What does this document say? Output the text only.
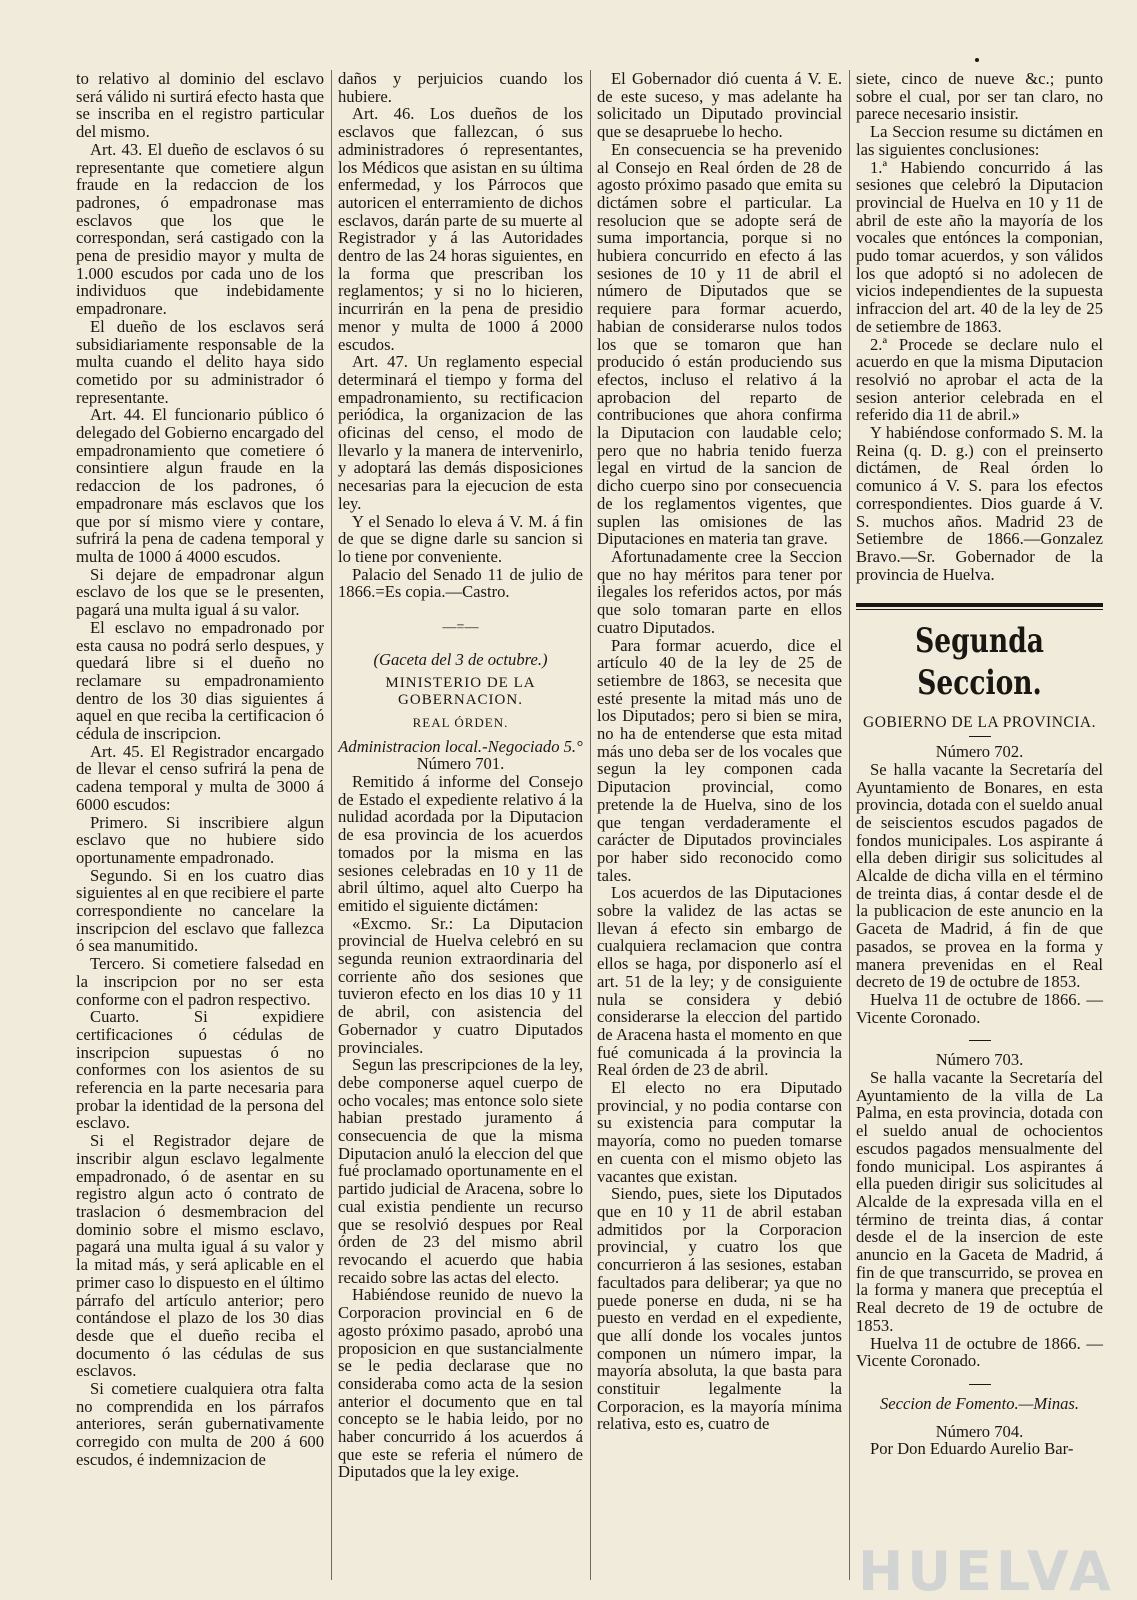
to relativo al dominio del esclavo será válido ni surtirá efecto hasta que se inscriba en el registro particular del mismo.

Art. 43. El dueño de esclavos ó su representante que cometiere algun fraude en la redaccion de los padrones, ó empadronase mas esclavos que los que le correspondan, será castigado con la pena de presidio mayor y multa de 1.000 escudos por cada uno de los individuos que indebidamente empadronare.

El dueño de los esclavos será subsidiariamente responsable de la multa cuando el delito haya sido cometido por su administrador ó representante.

Art. 44. El funcionario público ó delegado del Gobierno encargado del empadronamiento que cometiere ó consintiere algun fraude en la redaccion de los padrones, ó empadronare más esclavos que los que por sí mismo viere y contare, sufrirá la pena de cadena temporal y multa de 1000 á 4000 escudos.

Si dejare de empadronar algun esclavo de los que se le presenten, pagará una multa igual á su valor.

El esclavo no empadronado por esta causa no podrá serlo despues, y quedará libre si el dueño no reclamare su empadronamiento dentro de los 30 dias siguientes á aquel en que reciba la certificacion ó cédula de inscripcion.

Art. 45. El Registrador encargado de llevar el censo sufrirá la pena de cadena temporal y multa de 3000 á 6000 escudos:

Primero. Si inscribiere algun esclavo que no hubiere sido oportunamente empadronado.

Segundo. Si en los cuatro dias siguientes al en que recibiere el parte correspondiente no cancelare la inscripcion del esclavo que fallezca ó sea manumitido.

Tercero. Si cometiere falsedad en la inscripcion por no ser esta conforme con el padron respectivo.

Cuarto. Si expidiere certificaciones ó cédulas de inscripcion supuestas ó no conformes con los asientos de su referencia en la parte necesaria para probar la identidad de la persona del esclavo.

Si el Registrador dejare de inscribir algun esclavo legalmente empadronado, ó de asentar en su registro algun acto ó contrato de traslacion ó desmembracion del dominio sobre el mismo esclavo, pagará una multa igual á su valor y la mitad más, y será aplicable en el primer caso lo dispuesto en el último párrafo del artículo anterior; pero contándose el plazo de los 30 dias desde que el dueño reciba el documento ó las cédulas de sus esclavos.

Si cometiere cualquiera otra falta no comprendida en los párrafos anteriores, serán gubernativamente corregido con multa de 200 á 600 escudos, é indemnizacion de

daños y perjuicios cuando los hubiere.

Art. 46. Los dueños de los esclavos que fallezcan, ó sus administradores ó representantes, los Médicos que asistan en su última enfermedad, y los Párrocos que autoricen el enterramiento de dichos esclavos, darán parte de su muerte al Registrador y á las Autoridades dentro de las 24 horas siguientes, en la forma que prescriban los reglamentos; y si no lo hicieren, incurrirán en la pena de presidio menor y multa de 1000 á 2000 escudos.

Art. 47. Un reglamento especial determinará el tiempo y forma del empadronamiento, su rectificacion periódica, la organizacion de las oficinas del censo, el modo de llevarlo y la manera de intervenirlo, y adoptará las demás disposiciones necesarias para la ejecucion de esta ley.

Y el Senado lo eleva á V. M. á fin de que se digne darle su sancion si lo tiene por conveniente.

Palacio del Senado 11 de julio de 1866.=Es copia.—Castro.

—=—
(Gaceta del 3 de octubre.)

MINISTERIO DE LA GOBERNACION.

REAL ÓRDEN.

Administracion local.-Negociado 5.°

Número 701.

Remitido á informe del Consejo de Estado el expediente relativo á la nulidad acordada por la Diputacion de esa provincia de los acuerdos tomados por la misma en las sesiones celebradas en 10 y 11 de abril último, aquel alto Cuerpo ha emitido el siguiente dictámen:

«Excmo. Sr.: La Diputacion provincial de Huelva celebró en su segunda reunion extraordinaria del corriente año dos sesiones que tuvieron efecto en los dias 10 y 11 de abril, con asistencia del Gobernador y cuatro Diputados provinciales.

Segun las prescripciones de la ley, debe componerse aquel cuerpo de ocho vocales; mas entonce solo siete habian prestado juramento á consecuencia de que la misma Diputacion anuló la eleccion del que fué proclamado oportunamente en el partido judicial de Aracena, sobre lo cual existia pendiente un recurso que se resolvió despues por Real órden de 23 del mismo abril revocando el acuerdo que habia recaido sobre las actas del electo.

Habiéndose reunido de nuevo la Corporacion provincial en 6 de agosto próximo pasado, aprobó una proposicion en que sustancialmente se le pedia declarase que no consideraba como acta de la sesion anterior el documento que en tal concepto se le habia leido, por no haber concurrido á los acuerdos á que este se referia el número de Diputados que la ley exige.

El Gobernador dió cuenta á V. E. de este suceso, y mas adelante ha solicitado un Diputado provincial que se desapruebe lo hecho.

En consecuencia se ha prevenido al Consejo en Real órden de 28 de agosto próximo pasado que emita su dictámen sobre el particular. La resolucion que se adopte será de suma importancia, porque si no hubiera concurrido en efecto á las sesiones de 10 y 11 de abril el número de Diputados que se requiere para formar acuerdo, habian de considerarse nulos todos los que se tomaron que han producido ó están produciendo sus efectos, incluso el relativo á la aprobacion del reparto de contribuciones que ahora confirma la Diputacion con laudable celo; pero que no habria tenido fuerza legal en virtud de la sancion de dicho cuerpo sino por consecuencia de los reglamentos vigentes, que suplen las omisiones de las Diputaciones en materia tan grave.

Afortunadamente cree la Seccion que no hay méritos para tener por ilegales los referidos actos, por más que solo tomaran parte en ellos cuatro Diputados.

Para formar acuerdo, dice el artículo 40 de la ley de 25 de setiembre de 1863, se necesita que esté presente la mitad más uno de los Diputados; pero si bien se mira, no ha de entenderse que esta mitad más uno deba ser de los vocales que segun la ley componen cada Diputacion provincial, como pretende la de Huelva, sino de los que tengan verdaderamente el carácter de Diputados provinciales por haber sido reconocido como tales.

Los acuerdos de las Diputaciones sobre la validez de las actas se llevan á efecto sin embargo de cualquiera reclamacion que contra ellos se haga, por disponerlo así el art. 51 de la ley; y de consiguiente nula se considera y debió considerarse la eleccion del partido de Aracena hasta el momento en que fué comunicada á la provincia la Real órden de 23 de abril.

El electo no era Diputado provincial, y no podia contarse con su existencia para computar la mayoría, como no pueden tomarse en cuenta con el mismo objeto las vacantes que existan.

Siendo, pues, siete los Diputados que en 10 y 11 de abril estaban admitidos por la Corporacion provincial, y cuatro los que concurrieron á las sesiones, estaban facultados para deliberar; ya que no puede ponerse en duda, ni se ha puesto en verdad en el expediente, que allí donde los vocales juntos componen un número impar, la mayoría absoluta, la que basta para constituir legalmente la Corporacion, es la mayoría mínima relativa, esto es, cuatro de

siete, cinco de nueve &c.; punto sobre el cual, por ser tan claro, no parece necesario insistir.

La Seccion resume su dictámen en las siguientes conclusiones:

1.ª Habiendo concurrido á las sesiones que celebró la Diputacion provincial de Huelva en 10 y 11 de abril de este año la mayoría de los vocales que entónces la componian, pudo tomar acuerdos, y son válidos los que adoptó si no adolecen de vicios independientes de la supuesta infraccion del art. 40 de la ley de 25 de setiembre de 1863.

2.ª Procede se declare nulo el acuerdo en que la misma Diputacion resolvió no aprobar el acta de la sesion anterior celebrada en el referido dia 11 de abril.»

Y habiéndose conformado S. M. la Reina (q. D. g.) con el preinserto dictámen, de Real órden lo comunico á V. S. para los efectos correspondientes. Dios guarde á V. S. muchos años. Madrid 23 de Setiembre de 1866.—Gonzalez Bravo.—Sr. Gobernador de la provincia de Huelva.

Segunda Seccion.
GOBIERNO DE LA PROVINCIA.

Número 702.

Se halla vacante la Secretaría del Ayuntamiento de Bonares, en esta provincia, dotada con el sueldo anual de seiscientos escudos pagados de fondos municipales. Los aspirante á ella deben dirigir sus solicitudes al Alcalde de dicha villa en el término de treinta dias, á contar desde el de la publicacion de este anuncio en la Gaceta de Madrid, á fin de que pasados, se provea en la forma y manera prevenidas en el Real decreto de 19 de octubre de 1853.

Huelva 11 de octubre de 1866. —Vicente Coronado.

Número 703.

Se halla vacante la Secretaría del Ayuntamiento de la villa de La Palma, en esta provincia, dotada con el sueldo anual de ochocientos escudos pagados mensualmente del fondo municipal. Los aspirantes á ella pueden dirigir sus solicitudes al Alcalde de la expresada villa en el término de treinta dias, á contar desde el de la insercion de este anuncio en la Gaceta de Madrid, á fin de que transcurrido, se provea en la forma y manera que preceptúa el Real decreto de 19 de octubre de 1853.

Huelva 11 de octubre de 1866. —Vicente Coronado.

Seccion de Fomento.—Minas.

Número 704.

Por Don Eduardo Aurelio Bar-

HUELVA
